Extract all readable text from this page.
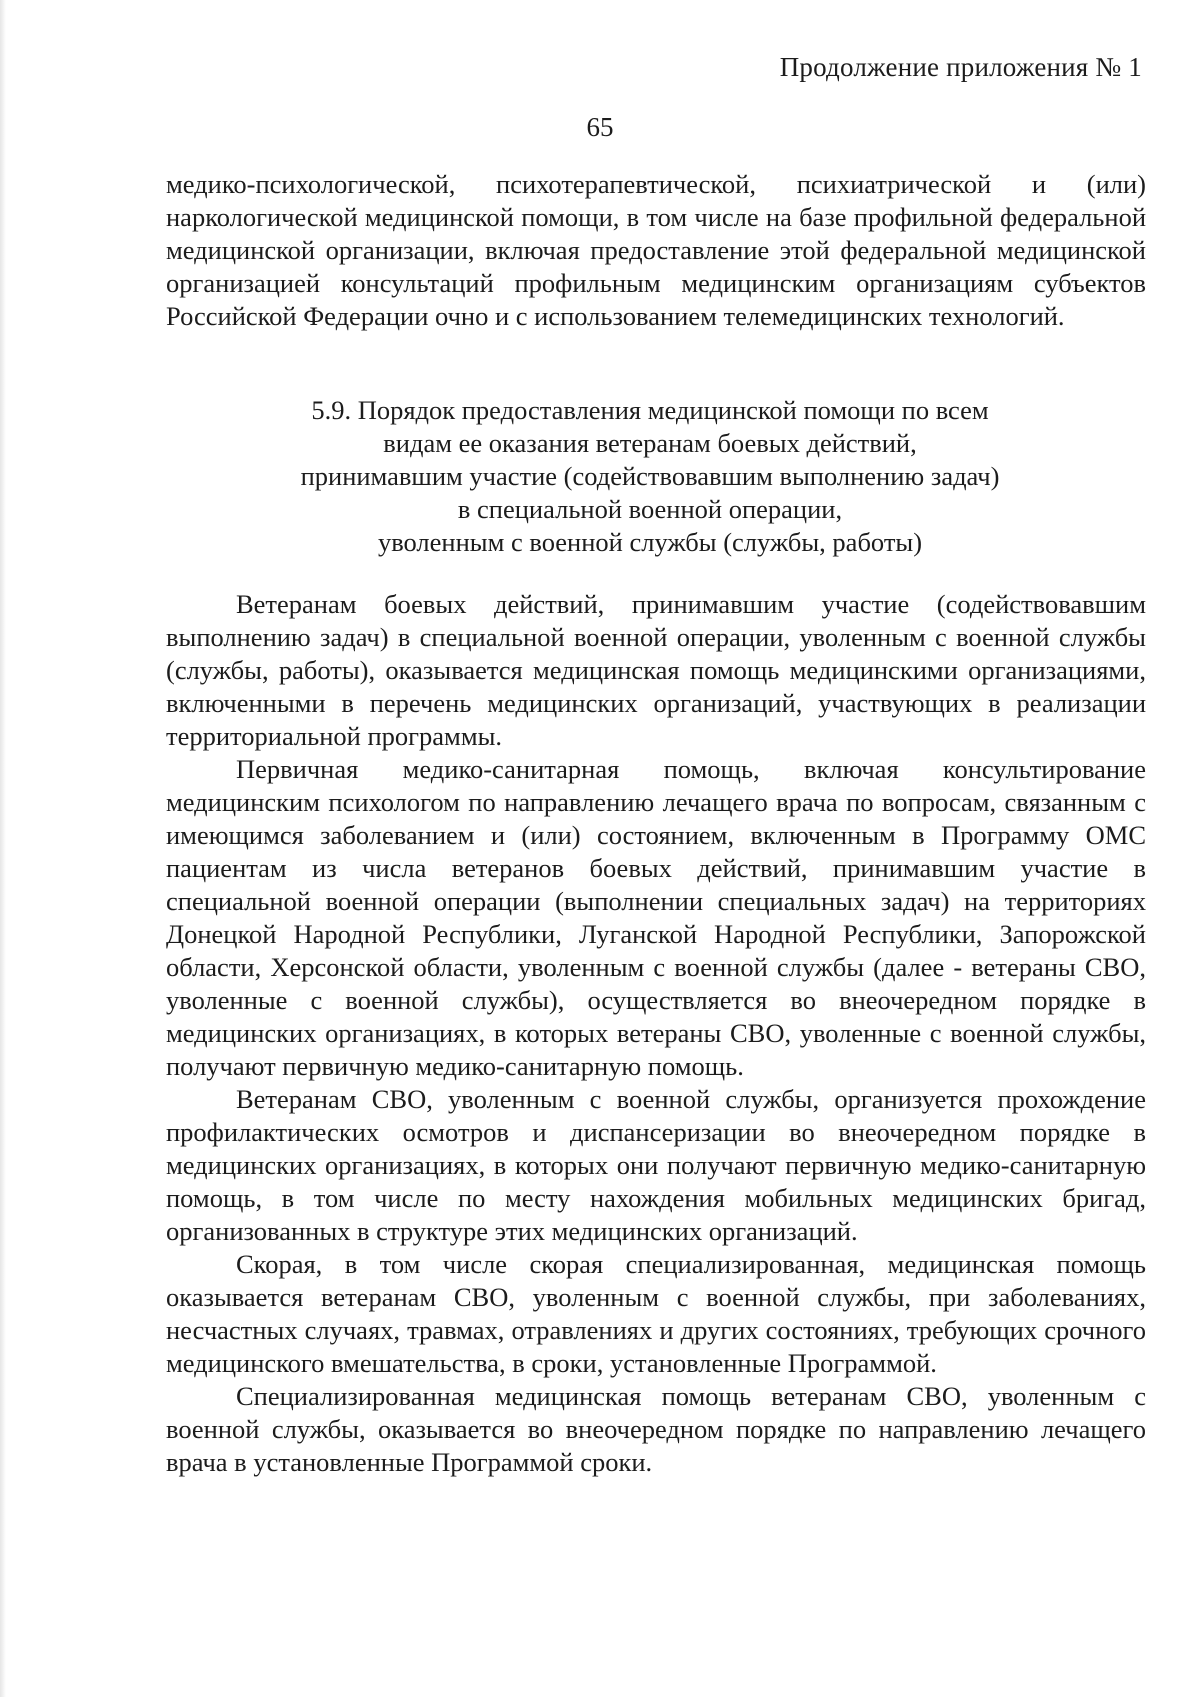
Продолжение приложения № 1
65

медико-психологической, психотерапевтической, психиатрической и (или) наркологической медицинской помощи, в том числе на базе профильной федеральной медицинской организации, включая предоставление этой федеральной медицинской организацией консультаций профильным медицинским организациям субъектов Российской Федерации очно и с использованием телемедицинских технологий.

5.9. Порядок предоставления медицинской помощи по всем
видам ее оказания ветеранам боевых действий,
принимавшим участие (содействовавшим выполнению задач)
в специальной военной операции,
уволенным с военной службы (службы, работы)

Ветеранам боевых действий, принимавшим участие (содействовавшим выполнению задач) в специальной военной операции, уволенным с военной службы (службы, работы), оказывается медицинская помощь медицинскими организациями, включенными в перечень медицинских организаций, участвующих в реализации территориальной программы.

Первичная медико-санитарная помощь, включая консультирование медицинским психологом по направлению лечащего врача по вопросам, связанным с имеющимся заболеванием и (или) состоянием, включенным в Программу ОМС пациентам из числа ветеранов боевых действий, принимавшим участие в специальной военной операции (выполнении специальных задач) на территориях Донецкой Народной Республики, Луганской Народной Республики, Запорожской области, Херсонской области, уволенным с военной службы (далее - ветераны СВО, уволенные с военной службы), осуществляется во внеочередном порядке в медицинских организациях, в которых ветераны СВО, уволенные с военной службы, получают первичную медико-санитарную помощь.

Ветеранам СВО, уволенным с военной службы, организуется прохождение профилактических осмотров и диспансеризации во внеочередном порядке в медицинских организациях, в которых они получают первичную медико-санитарную помощь, в том числе по месту нахождения мобильных медицинских бригад, организованных в структуре этих медицинских организаций.

Скорая, в том числе скорая специализированная, медицинская помощь оказывается ветеранам СВО, уволенным с военной службы, при заболеваниях, несчастных случаях, травмах, отравлениях и других состояниях, требующих срочного медицинского вмешательства, в сроки, установленные Программой.

Специализированная медицинская помощь ветеранам СВО, уволенным с военной службы, оказывается во внеочередном порядке по направлению лечащего врача в установленные Программой сроки.
